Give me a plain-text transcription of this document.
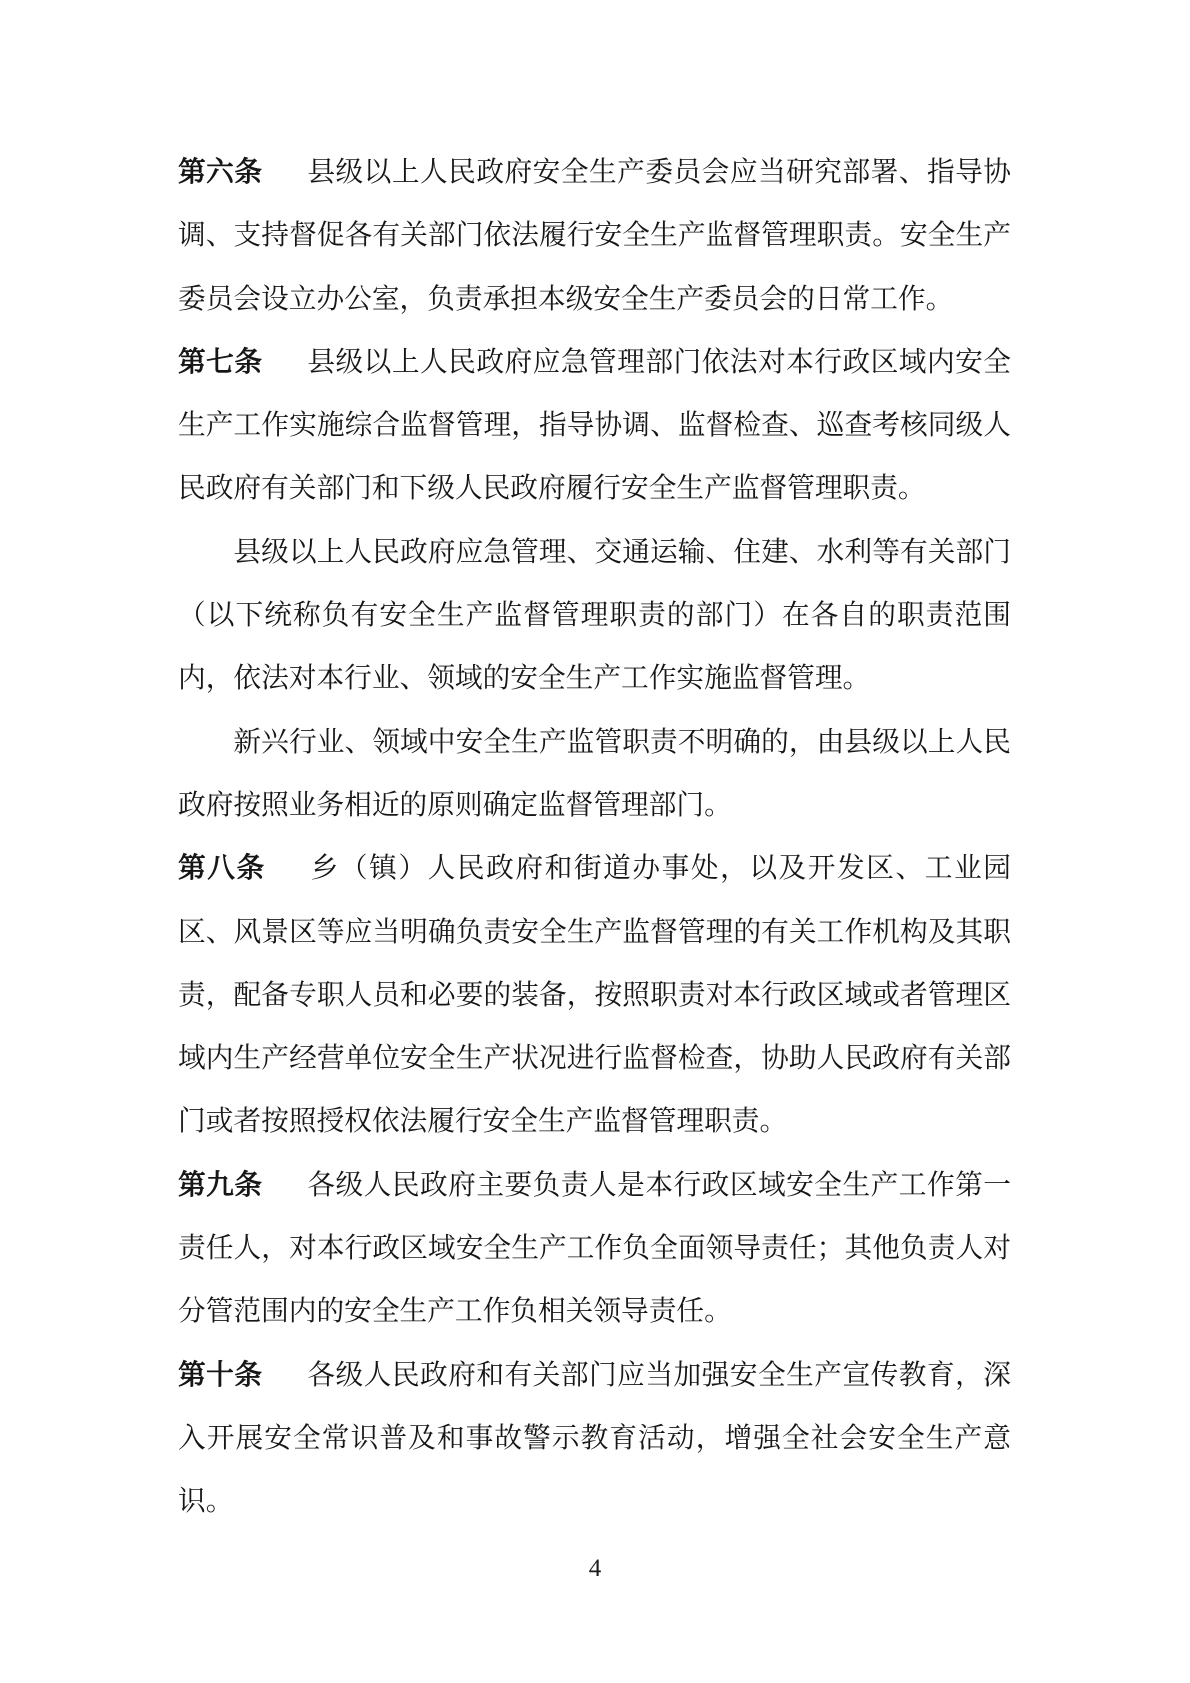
第六条 县级以上人民政府安全生产委员会应当研究部署、指导协调、支持督促各有关部门依法履行安全生产监督管理职责。安全生产委员会设立办公室，负责承担本级安全生产委员会的日常工作。

第七条 县级以上人民政府应急管理部门依法对本行政区域内安全生产工作实施综合监督管理，指导协调、监督检查、巡查考核同级人民政府有关部门和下级人民政府履行安全生产监督管理职责。

县级以上人民政府应急管理、交通运输、住建、水利等有关部门（以下统称负有安全生产监督管理职责的部门）在各自的职责范围内，依法对本行业、领域的安全生产工作实施监督管理。

新兴行业、领域中安全生产监管职责不明确的，由县级以上人民政府按照业务相近的原则确定监督管理部门。

第八条 乡（镇）人民政府和街道办事处，以及开发区、工业园区、风景区等应当明确负责安全生产监督管理的有关工作机构及其职责，配备专职人员和必要的装备，按照职责对本行政区域或者管理区域内生产经营单位安全生产状况进行监督检查，协助人民政府有关部门或者按照授权依法履行安全生产监督管理职责。

第九条 各级人民政府主要负责人是本行政区域安全生产工作第一责任人，对本行政区域安全生产工作负全面领导责任；其他负责人对分管范围内的安全生产工作负相关领导责任。

第十条 各级人民政府和有关部门应当加强安全生产宣传教育，深入开展安全常识普及和事故警示教育活动，增强全社会安全生产意识。

4
